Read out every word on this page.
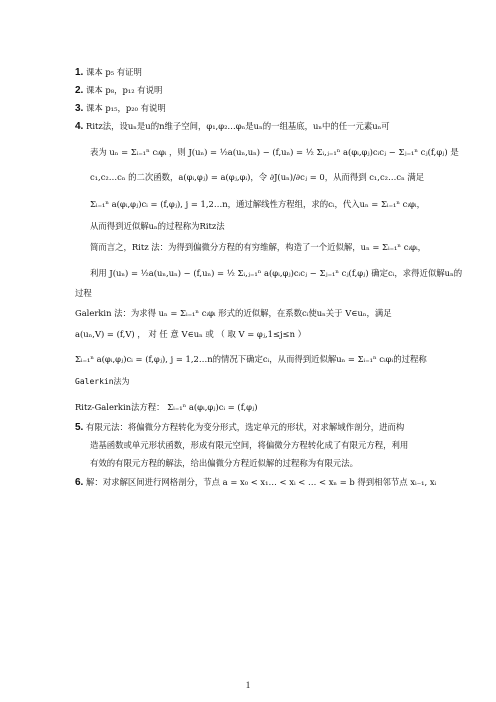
1. 课本 p₅ 有证明
2. 课本 p₈，p₁₂ 有说明
3. 课本 p₁₅，p₂₀ 有说明
4. Ritz法，设uₙ是u的n维子空间，φ₁,φ₂…φₙ是uₙ的一组基底，uₙ中的任一元素uₙ可
表为 uₙ = Σᵢ₌₁ⁿ cᵢφᵢ ，则 J(uₙ) = ½a(uₙ,uₙ) − (f,uₙ) = ½ Σᵢ,ⱼ₌₁ⁿ a(φᵢ,φⱼ)cᵢcⱼ − Σⱼ₌₁ⁿ cⱼ(f,φⱼ) 是
c₁,c₂…cₙ 的二次函数，a(φᵢ,φⱼ) = a(φⱼ,φᵢ)，令 ∂J(uₙ)/∂cⱼ = 0，从而得到 c₁,c₂…cₙ 满足
Σᵢ₌₁ⁿ a(φᵢ,φⱼ)cᵢ = (f,φⱼ), j = 1,2…n，通过解线性方程组，求的cᵢ，代入uₙ = Σᵢ₌₁ⁿ cᵢφᵢ，
从而得到近似解uₙ的过程称为Ritz法
简而言之，Ritz 法：为得到偏微分方程的有穷维解，构造了一个近似解，uₙ = Σᵢ₌₁ⁿ cᵢφᵢ，
利用 J(uₙ) = ½a(uₙ,uₙ) − (f,uₙ) = ½ Σᵢ,ⱼ₌₁ⁿ a(φᵢ,φⱼ)cᵢcⱼ − Σⱼ₌₁ⁿ cⱼ(f,φⱼ) 确定cᵢ，求得近似解uₙ的
过程
Galerkin 法：为求得 uₙ = Σᵢ₌₁ⁿ cᵢφᵢ 形式的近似解，在系数cᵢ使uₙ关于 V∈uₙ，满足
a(uₙ,V) = (f,V) ， 对 任 意 V∈uₙ 或 （ 取 V = φⱼ,1≤j≤n ）
Σᵢ₌₁ⁿ a(φᵢ,φⱼ)cᵢ = (f,φⱼ), j = 1,2…n的情况下确定cᵢ，从而得到近似解uₙ = Σᵢ₌₁ⁿ cᵢφᵢ的过程称
Galerkin法为
Ritz-Galerkin法方程： Σᵢ₌₁ⁿ a(φᵢ,φⱼ)cᵢ = (f,φⱼ)
5. 有限元法：将偏微分方程转化为变分形式，选定单元的形状，对求解域作剖分，进而构
造基函数或单元形状函数，形成有限元空间，将偏微分方程转化成了有限元方程，利用
有效的有限元方程的解法，给出偏微分方程近似解的过程称为有限元法。
6. 解：对求解区间进行网格剖分，节点 a = x₀ < x₁… < xᵢ < … < xₙ = b 得到相邻节点 xᵢ₋₁, xᵢ
1
